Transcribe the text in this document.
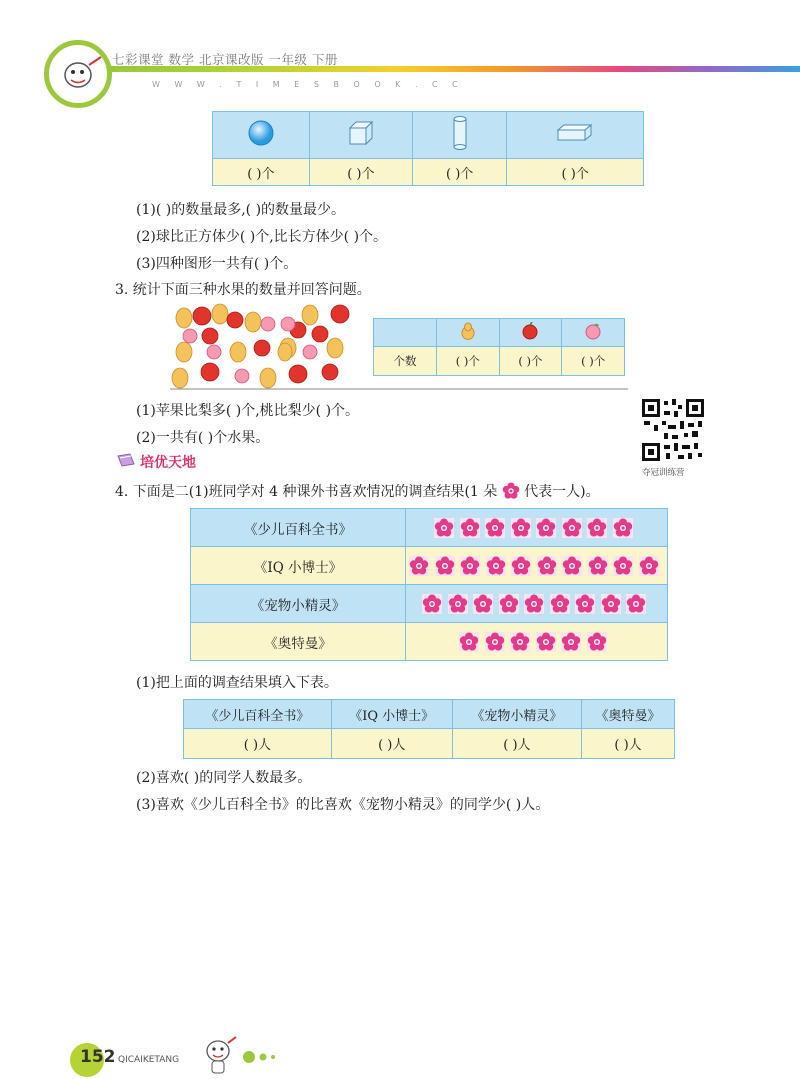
七彩课堂 数学 北京课改版 一年级 下册
W W W . T I M E S B O O K . C C

( )个	( )个	( )个	( )个
(1)( )的数量最多,( )的数量最少。
(2)球比正方体少( )个,比长方体少( )个。
(3)四种图形一共有( )个。
3. 统计下面三种水果的数量并回答问题。

个数	( )个	( )个	( )个
(1)苹果比梨多( )个,桃比梨少( )个。
(2)一共有( )个水果。
夺冠训练营
培优天地
4. 下面是二(1)班同学对 4 种课外书喜欢情况的调查结果(1 朵 代表一人)。
《少儿百科全书》	
《IQ 小博士》	
《宠物小精灵》	
《奥特曼》	
(1)把上面的调查结果填入下表。
《少儿百科全书》	《IQ 小博士》	《宠物小精灵》	《奥特曼》
( )人	( )人	( )人	( )人
(2)喜欢( )的同学人数最多。
(3)喜欢《少儿百科全书》的比喜欢《宠物小精灵》的同学少( )人。
152 QICAIKETANG
